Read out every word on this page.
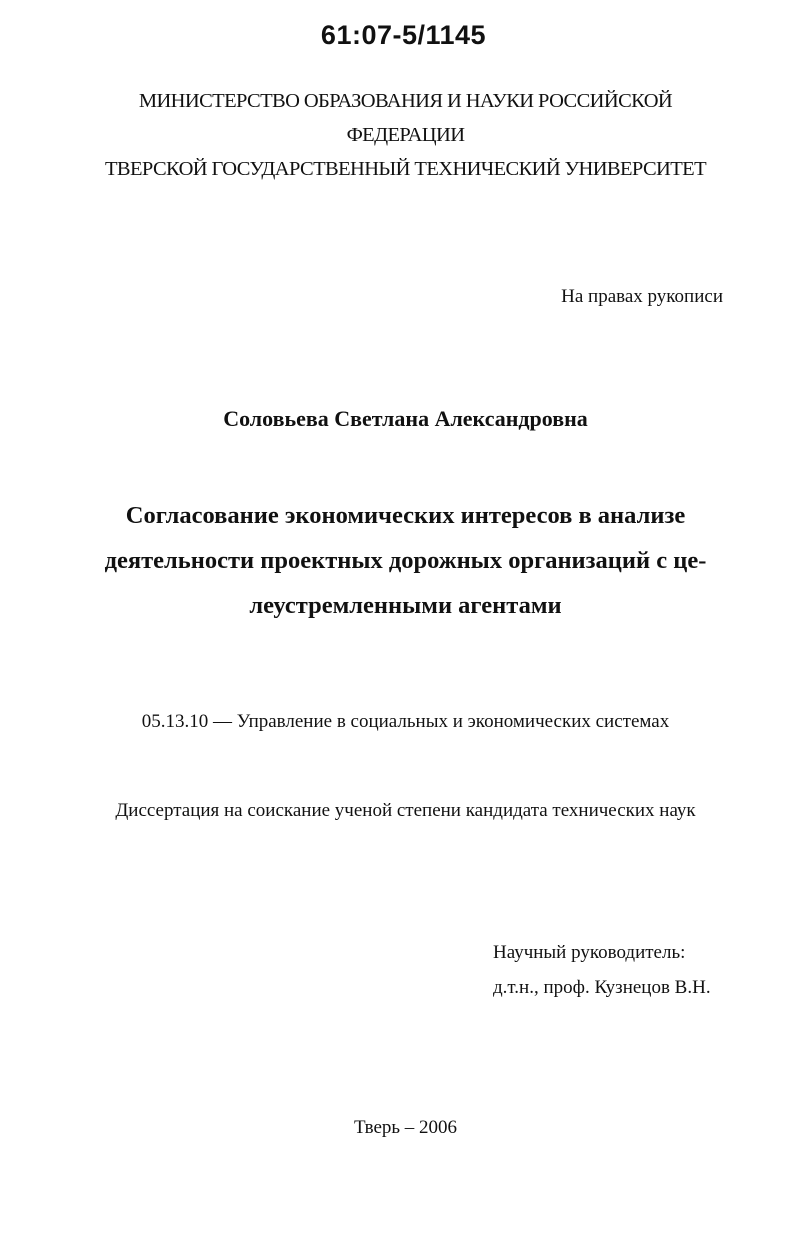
61:07-5/1145
МИНИСТЕРСТВО ОБРАЗОВАНИЯ И НАУКИ РОССИЙСКОЙ
ФЕДЕРАЦИИ
ТВЕРСКОЙ ГОСУДАРСТВЕННЫЙ ТЕХНИЧЕСКИЙ УНИВЕРСИТЕТ
На правах рукописи
Соловьева Светлана Александровна
Согласование экономических интересов в анализе
деятельности проектных дорожных организаций с це-
леустремленными агентами
05.13.10 — Управление в социальных и экономических системах
Диссертация на соискание ученой степени кандидата технических наук
Научный руководитель:
д.т.н., проф. Кузнецов В.Н.
Тверь – 2006
